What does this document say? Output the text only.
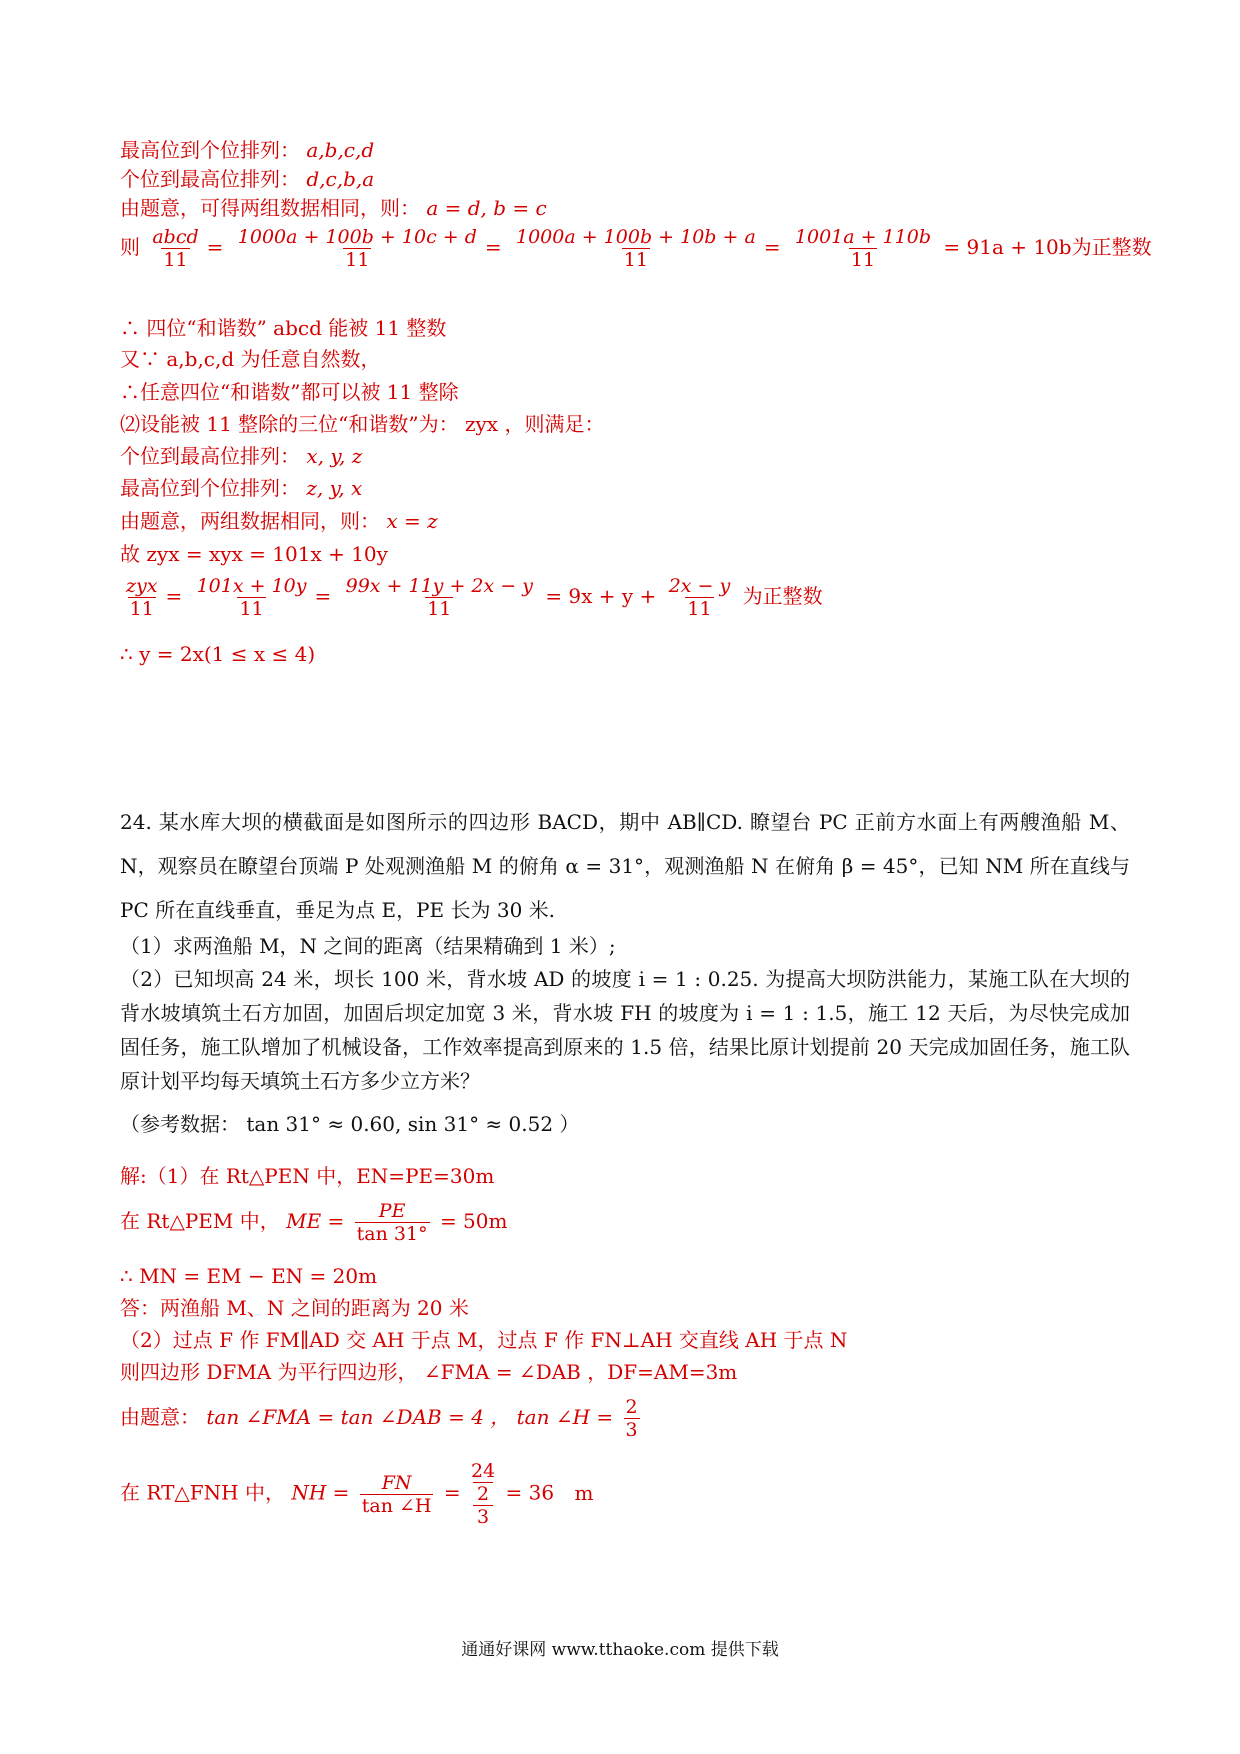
最高位到个位排列： a,b,c,d
个位到最高位排列： d,c,b,a
由题意，可得两组数据相同，则： a = d, b = c
则 $\frac{\text{abcd}}{11} = \frac{1000a + 100b + 10c + d}{11} = \frac{1000a + 100b + 10b + a}{11} = \frac{1001a + 110b}{11} = 91a + 10b$为正整数
∴ 四位“和谐数” abcd 能被 11 整数
又∵ a,b,c,d 为任意自然数，
∴任意四位“和谐数”都可以被 11 整除
⑵设能被 11 整除的三位“和谐数”为： zyx ，则满足：
个位到最高位排列： x, y, z
最高位到个位排列： z, y, x
由题意，两组数据相同，则： x = z
故 zyx = xyx = 101x + 10y
$\frac{\text{zyx}}{11} = \frac{101x + 10y}{11} = \frac{99x + 11y + 2x - y}{11} = 9x + y + \frac{2x - y}{11}$ 为正整数
∴ y = 2x(1 ≤ x ≤ 4)
24. 某水库大坝的横截面是如图所示的四边形 BACD，期中 AB∥CD. 瞭望台 PC 正前方水面上有两艘渔船 M、N，观察员在瞭望台顶端 P 处观测渔船 M 的俯角 α = 31°，观测渔船 N 在俯角 β = 45°，已知 NM 所在直线与 PC 所在直线垂直，垂足为点 E，PE 长为 30 米.
（1）求两渔船 M，N 之间的距离（结果精确到 1 米）;
（2）已知坝高 24 米，坝长 100 米，背水坡 AD 的坡度 i = 1 : 0.25. 为提高大坝防洪能力，某施工队在大坝的背水坡填筑土石方加固，加固后坝定加宽 3 米，背水坡 FH 的坡度为 i = 1 : 1.5，施工 12 天后，为尽快完成加固任务，施工队增加了机械设备，工作效率提高到原来的 1.5 倍，结果比原计划提前 20 天完成加固任务，施工队原计划平均每天填筑土石方多少立方米？
（参考数据： tan 31° ≈ 0.60, sin 31° ≈ 0.52 ）
解:（1）在 Rt△PEN 中，EN=PE=30m
在 Rt△PEM 中， ME = $\frac{PE}{\tan 31^\circ} = 50m$
∴ MN = EM − EN = 20m
答：两渔船 M、N 之间的距离为 20 米
（2）过点 F 作 FM∥AD 交 AH 于点 M，过点 F 作 FN⊥AH 交直线 AH 于点 N
则四边形 DFMA 为平行四边形， ∠FMA = ∠DAB ，DF=AM=3m
由题意： tan ∠FMA = tan ∠DAB = 4 ， tan ∠H = $\frac{2}{3}$
在 RT△FNH 中， NH = $\frac{FN}{\tan \angle H} = \frac{24}{\frac{2}{3}} = 36$ m
通通好课网 www.tthaoke.com 提供下载
